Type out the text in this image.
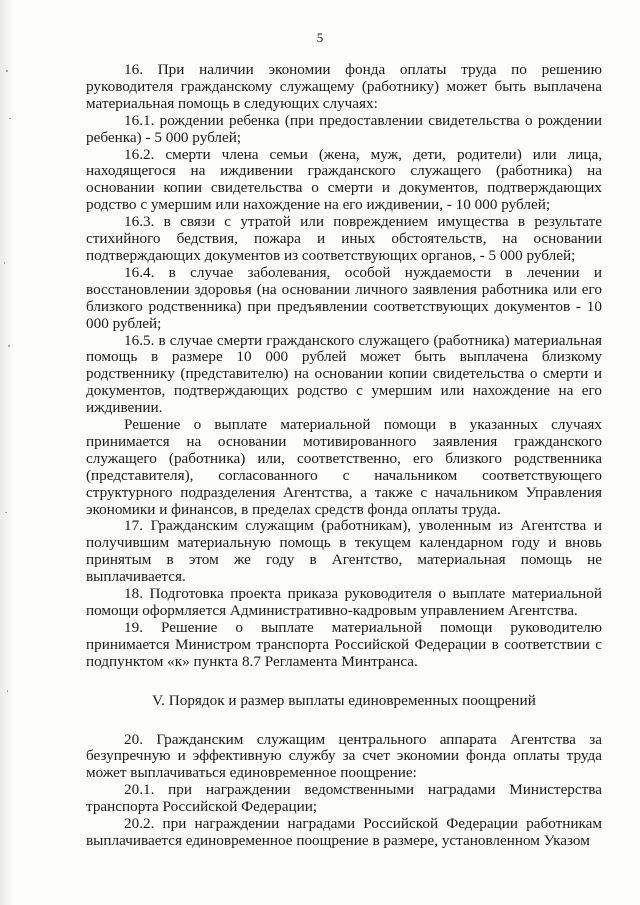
5

16. При наличии экономии фонда оплаты труда по решению руководителя гражданскому служащему (работнику) может быть выплачена материальная помощь в следующих случаях:

16.1. рождении ребенка (при предоставлении свидетельства о рождении ребенка) - 5 000 рублей;

16.2. смерти члена семьи (жена, муж, дети, родители) или лица, находящегося на иждивении гражданского служащего (работника) на основании копии свидетельства о смерти и документов, подтверждающих родство с умершим или нахождение на его иждивении, - 10 000 рублей;

16.3. в связи с утратой или повреждением имущества в результате стихийного бедствия, пожара и иных обстоятельств, на основании подтверждающих документов из соответствующих органов, - 5 000 рублей;

16.4. в случае заболевания, особой нуждаемости в лечении и восстановлении здоровья (на основании личного заявления работника или его близкого родственника) при предъявлении соответствующих документов - 10 000 рублей;

16.5. в случае смерти гражданского служащего (работника) материальная помощь в размере 10 000 рублей может быть выплачена близкому родственнику (представителю) на основании копии свидетельства о смерти и документов, подтверждающих родство с умершим или нахождение на его иждивении.

Решение о выплате материальной помощи в указанных случаях принимается на основании мотивированного заявления гражданского служащего (работника) или, соответственно, его близкого родственника (представителя), согласованного с начальником соответствующего структурного подразделения Агентства, а также с начальником Управления экономики и финансов, в пределах средств фонда оплаты труда.

17. Гражданским служащим (работникам), уволенным из Агентства и получившим материальную помощь в текущем календарном году и вновь принятым в этом же году в Агентство, материальная помощь не выплачивается.

18. Подготовка проекта приказа руководителя о выплате материальной помощи оформляется Административно-кадровым управлением Агентства.

19. Решение о выплате материальной помощи руководителю принимается Министром транспорта Российской Федерации в соответствии с подпунктом «к» пункта 8.7 Регламента Минтранса.

V. Порядок и размер выплаты единовременных поощрений

20. Гражданским служащим центрального аппарата Агентства за безупречную и эффективную службу за счет экономии фонда оплаты труда может выплачиваться единовременное поощрение:

20.1. при награждении ведомственными наградами Министерства транспорта Российской Федерации;

20.2. при награждении наградами Российской Федерации работникам выплачивается единовременное поощрение в размере, установленном Указом
